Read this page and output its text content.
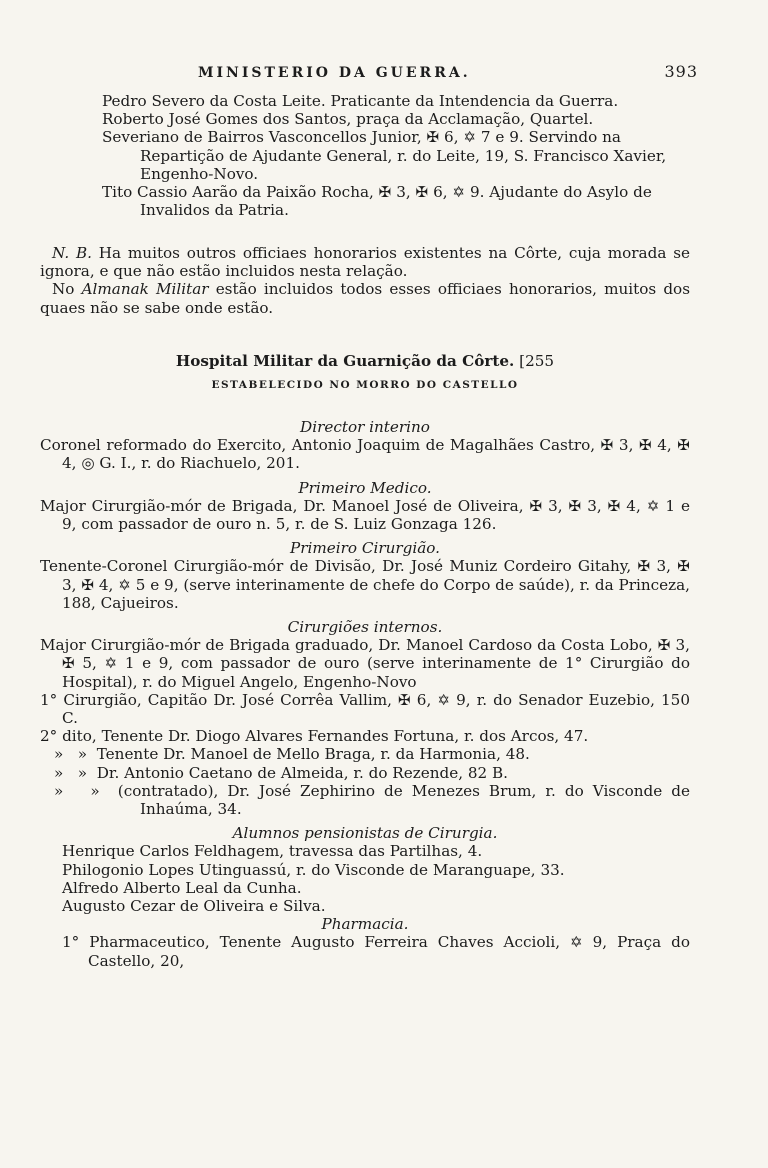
MINISTERIO DA GUERRA.	393
Pedro Severo da Costa Leite. Praticante da Intendencia da Guerra.
Roberto José Gomes dos Santos, praça da Acclamação, Quartel.
Severiano de Bairros Vasconcellos Junior, ✠ 6, ✡ 7 e 9. Servindo na Repartição de Ajudante General, r. do Leite, 19, S. Francisco Xavier, Engenho-Novo.
Tito Cassio Aarão da Paixão Rocha, ✠ 3, ✠ 6, ✡ 9. Ajudante do Asylo de Invalidos da Patria.

N. B. Ha muitos outros officiaes honorarios existentes na Côrte, cuja morada se ignora, e que não estão incluidos nesta relação.

No Almanak Militar estão incluidos todos esses officiaes honorarios, muitos dos quaes não se sabe onde estão.

Hospital Militar da Guarnição da Côrte. [255
ESTABELECIDO NO MORRO DO CASTELLO
Director interino

Coronel reformado do Exercito, Antonio Joaquim de Magalhães Castro, ✠ 3, ✠ 4, ✠ 4, ◎ G. I., r. do Riachuelo, 201.

Primeiro Medico.

Major Cirurgião-mór de Brigada, Dr. Manoel José de Oliveira, ✠ 3, ✠ 3, ✠ 4, ✡ 1 e 9, com passador de ouro n. 5, r. de S. Luiz Gonzaga 126.

Primeiro Cirurgião.

Tenente-Coronel Cirurgião-mór de Divisão, Dr. José Muniz Cordeiro Gitahy, ✠ 3, ✠ 3, ✠ 4, ✡ 5 e 9, (serve interinamente de chefe do Corpo de saúde), r. da Princeza, 188, Cajueiros.

Cirurgiões internos.

Major Cirurgião-mór de Brigada graduado, Dr. Manoel Cardoso da Costa Lobo, ✠ 3, ✠ 5, ✡ 1 e 9, com passador de ouro (serve interinamente de 1° Cirurgião do Hospital), r. do Miguel Angelo, Engenho-Novo

1° Cirurgião, Capitão Dr. José Corrêa Vallim, ✠ 6, ✡ 9, r. do Senador Euzebio, 150 C.

2° dito, Tenente Dr. Diogo Alvares Fernandes Fortuna, r. dos Arcos, 47.

»   »  Tenente Dr. Manoel de Mello Braga, r. da Harmonia, 48.

»   »  Dr. Antonio Caetano de Almeida, r. do Rezende, 82 B.

»   »  (contratado), Dr. José Zephirino de Menezes Brum, r. do Visconde de Inhaúma, 34.

Alumnos pensionistas de Cirurgia.

Henrique Carlos Feldhagem, travessa das Partilhas, 4.

Philogonio Lopes Utinguassú, r. do Visconde de Maranguape, 33.

Alfredo Alberto Leal da Cunha.

Augusto Cezar de Oliveira e Silva.

Pharmacia.

1° Pharmaceutico, Tenente Augusto Ferreira Chaves Accioli, ✡ 9, Praça do Castello, 20,
